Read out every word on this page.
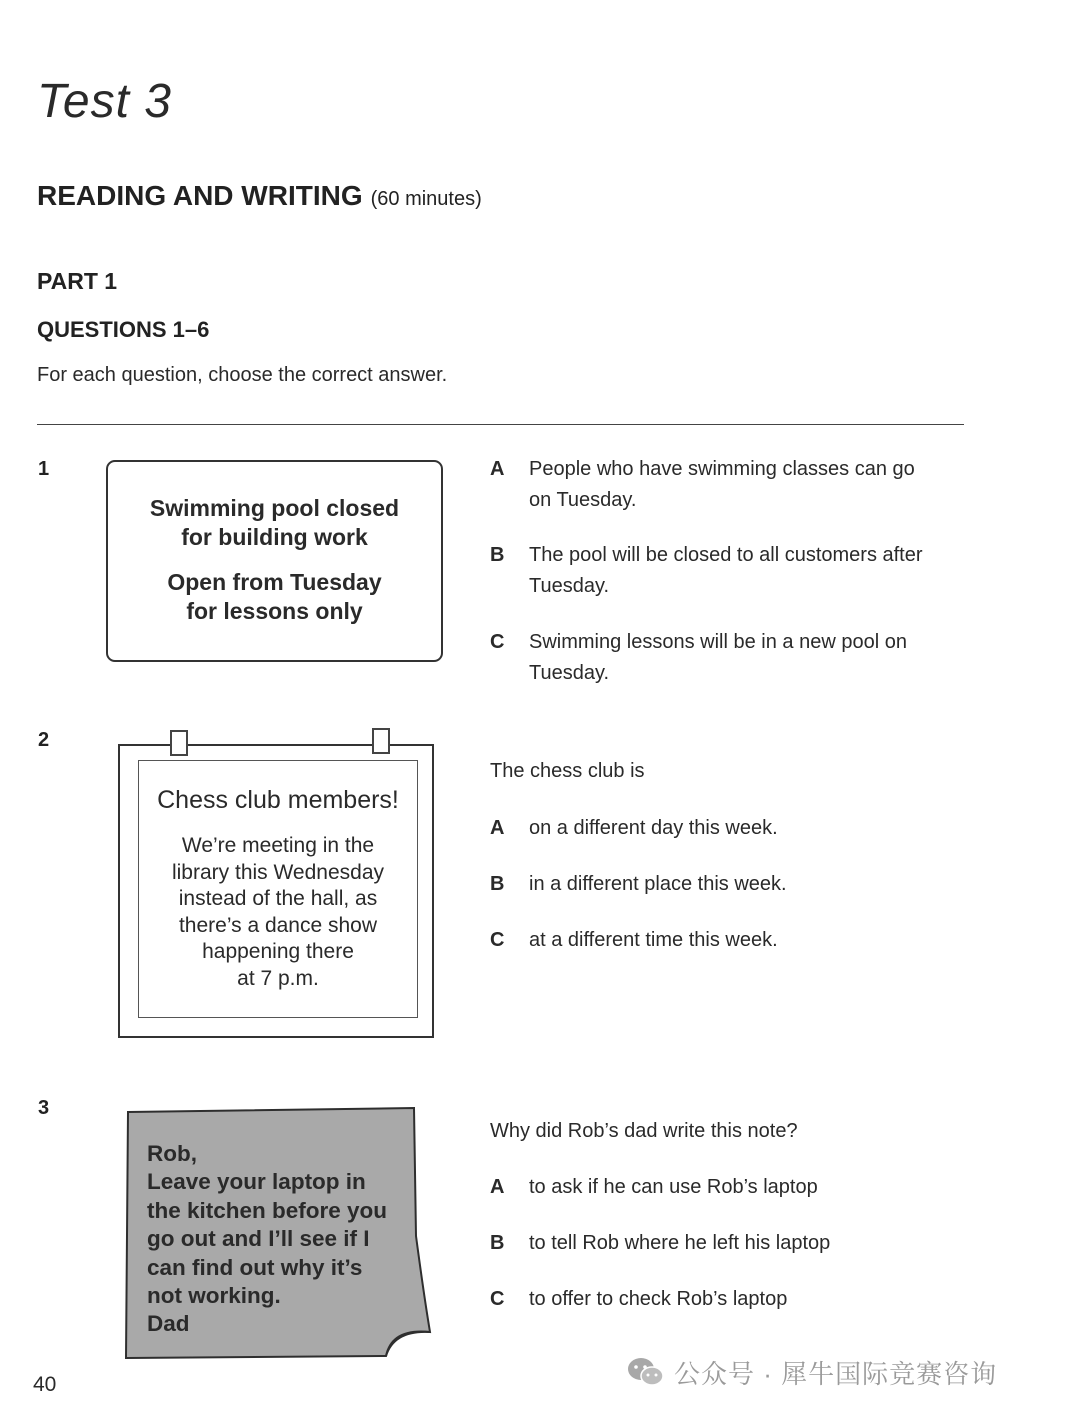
Test 3
READING AND WRITING (60 minutes)
PART 1
QUESTIONS 1–6
For each question, choose the correct answer.
1

Swimming pool closed

for building work

Open from Tuesday

for lessons only

A People who have swimming classes can go on Tuesday.
B The pool will be closed to all customers after Tuesday.
C Swimming lessons will be in a new pool on Tuesday.
2
Chess club members!

We’re meeting in the

library this Wednesday

instead of the hall, as

there’s a dance show

happening there

at 7 p.m.

The chess club is
A on a different day this week.
B in a different place this week.
C at a different time this week.
3

Rob,

Leave your laptop in

the kitchen before you

go out and I’ll see if I

can find out why it’s

not working.

Dad

Why did Rob’s dad write this note?
A to ask if he can use Rob’s laptop
B to tell Rob where he left his laptop
C to offer to check Rob’s laptop
40	公众号 · 犀牛国际竞赛咨询
